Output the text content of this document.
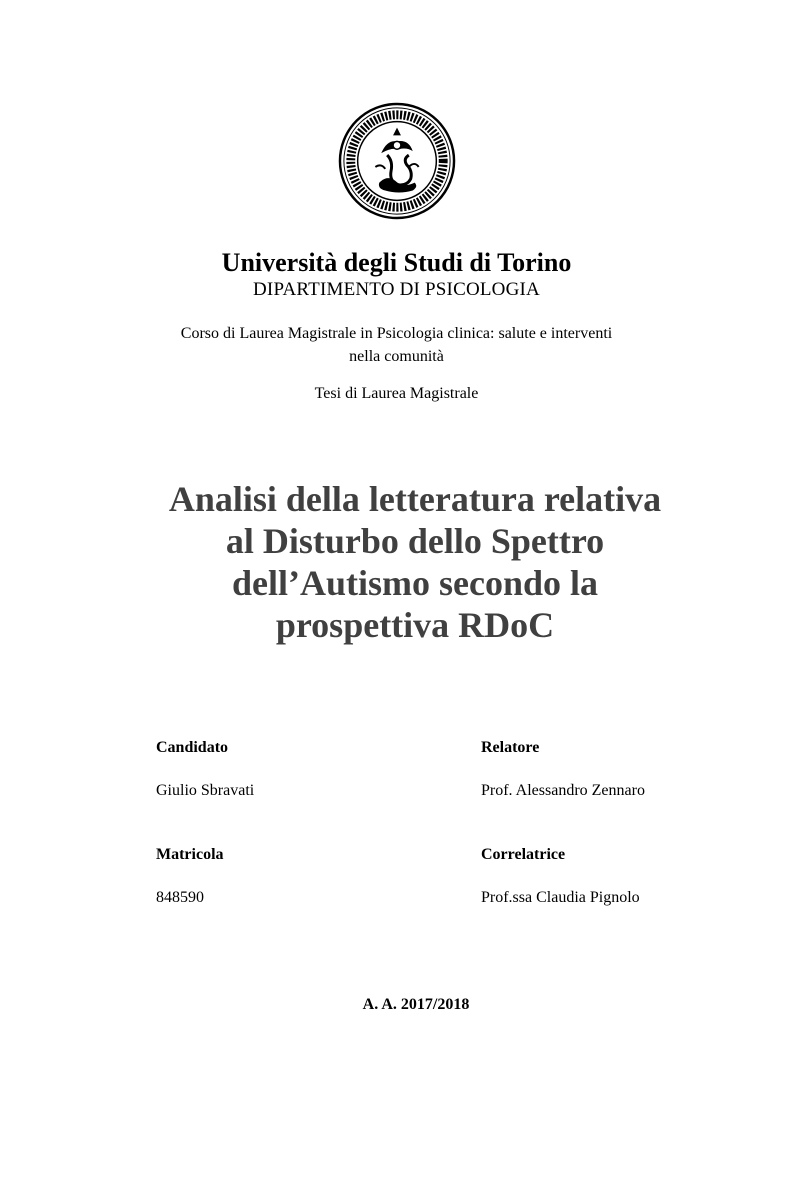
Università degli Studi di Torino
DIPARTIMENTO DI PSICOLOGIA
Corso di Laurea Magistrale in Psicologia clinica: salute e interventi
nella comunità
Tesi di Laurea Magistrale
Analisi della letteratura relativa
al Disturbo dello Spettro
dell’Autismo secondo la
prospettiva RDoC
Candidato	Relatore
Giulio Sbravati	Prof. Alessandro Zennaro
Matricola	Correlatrice
848590	Prof.ssa Claudia Pignolo
A. A. 2017/2018
